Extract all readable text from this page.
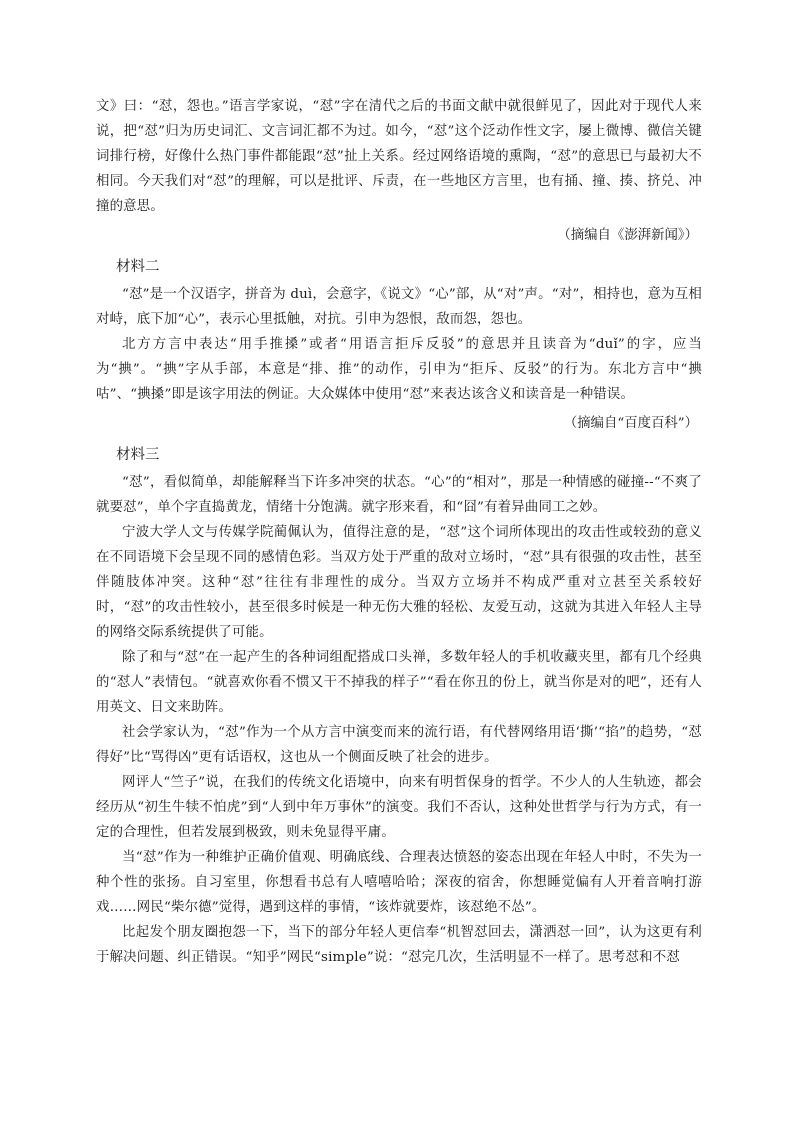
文》曰：“怼，怨也。”语言学家说，“怼”字在清代之后的书面文献中就很鲜见了，因此对于现代人来说，把“怼”归为历史词汇、文言词汇都不为过。如今，“怼”这个泛动作性文字，屡上微博、微信关键词排行榜，好像什么热门事件都能跟“怼”扯上关系。经过网络语境的熏陶，“怼”的意思已与最初大不相同。今天我们对“怼”的理解，可以是批评、斥责，在一些地区方言里，也有捅、撞、揍、挤兑、冲撞的意思。

（摘编自《澎湃新闻》）
材料二

“怼”是一个汉语字，拼音为 duì，会意字，《说文》“心”部，从“对”声。“对”，相持也，意为互相对峙，底下加“心”，表示心里抵触，对抗。引申为怨恨，敌而怨，怨也。

北方方言中表达“用手推搡”或者“用语言拒斥反驳”的意思并且读音为“duǐ”的字，应当为“捵”。“捵”字从手部，本意是“排、推”的动作，引申为“拒斥、反驳”的行为。东北方言中“捵咕”、“捵搡”即是该字用法的例证。大众媒体中使用“怼”来表达该含义和读音是一种错误。

（摘编自“百度百科”）
材料三

“怼”，看似简单，却能解释当下许多冲突的状态。“心”的“相对”，那是一种情感的碰撞--“不爽了就要怼”，单个字直捣黄龙，情绪十分饱满。就字形来看，和“囧”有着异曲同工之妙。

宁波大学人文与传媒学院蔺佩认为，值得注意的是，“怼”这个词所体现出的攻击性或较劲的意义在不同语境下会呈现不同的感情色彩。当双方处于严重的敌对立场时，“怼”具有很强的攻击性，甚至伴随肢体冲突。这种“怼”往往有非理性的成分。当双方立场并不构成严重对立甚至关系较好时，“怼”的攻击性较小，甚至很多时候是一种无伤大雅的轻松、友爱互动，这就为其进入年轻人主导的网络交际系统提供了可能。

除了和与“怼”在一起产生的各种词组配搭成口头禅，多数年轻人的手机收藏夹里，都有几个经典的“怼人”表情包。“就喜欢你看不惯又干不掉我的样子”“看在你丑的份上，就当你是对的吧”，还有人用英文、日文来助阵。

社会学家认为，“怼”作为一个从方言中演变而来的流行语，有代替网络用语‘撕’“掐”的趋势，“怼得好”比“骂得凶”更有话语权，这也从一个侧面反映了社会的进步。

网评人“竺子”说，在我们的传统文化语境中，向来有明哲保身的哲学。不少人的人生轨迹，都会经历从“初生牛犊不怕虎”到“人到中年万事休”的演变。我们不否认，这种处世哲学与行为方式，有一定的合理性，但若发展到极致，则未免显得平庸。

当“怼”作为一种维护正确价值观、明确底线、合理表达愤怒的姿态出现在年轻人中时，不失为一种个性的张扬。自习室里，你想看书总有人嘻嘻哈哈；深夜的宿舍，你想睡觉偏有人开着音响打游戏……网民“柴尔德”觉得，遇到这样的事情，“该炸就要炸，该怼绝不怂”。

比起发个朋友圈抱怨一下，当下的部分年轻人更信奉“机智怼回去，潇洒怼一回”，认为这更有利于解决问题、纠正错误。“知乎”网民“simple”说：“怼完几次，生活明显不一样了。思考怼和不怼
